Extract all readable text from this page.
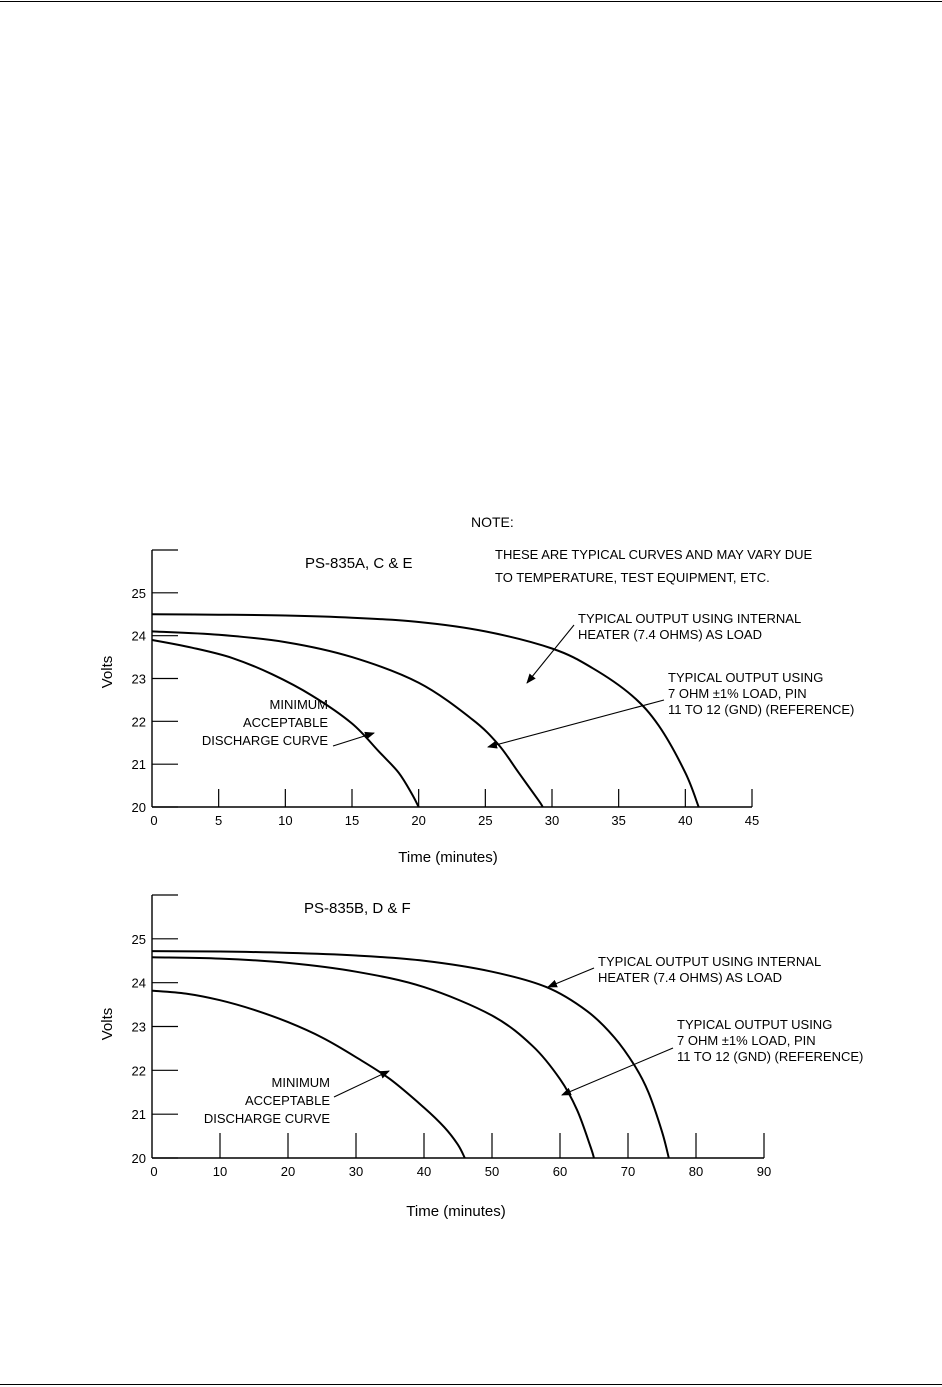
NOTE:
THESE ARE TYPICAL CURVES AND MAY VARY DUE
TO TEMPERATURE, TEST EQUIPMENT, ETC.
20
21
22
23
24
25
0	5	10	15	20	25	30	35	40	45
PS-835A, C & E
Time (minutes)
Volts
TYPICAL OUTPUT USING INTERNAL HEATER (7.4 OHMS) AS LOAD
TYPICAL OUTPUT USING 7 OHM ±1% LOAD, PIN 11 TO 12 (GND) (REFERENCE)
MINIMUM ACCEPTABLE DISCHARGE CURVE
20
21
22
23
24
25
0	10	20	30	40	50	60	70	80	90
PS-835B, D & F
Time (minutes)
Volts
TYPICAL OUTPUT USING INTERNAL HEATER (7.4 OHMS) AS LOAD
TYPICAL OUTPUT USING 7 OHM ±1% LOAD, PIN 11 TO 12 (GND) (REFERENCE)
MINIMUM ACCEPTABLE DISCHARGE CURVE
